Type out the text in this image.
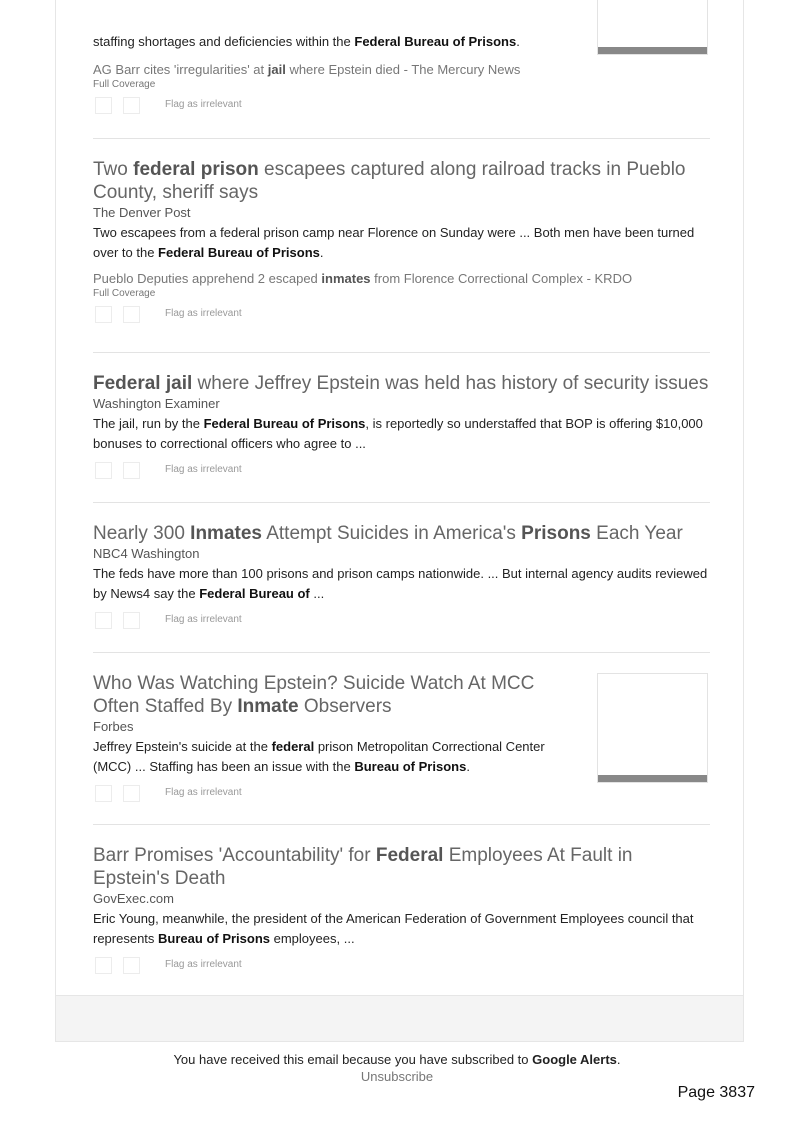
staffing shortages and deficiencies within the Federal Bureau of Prisons.
AG Barr cites 'irregularities' at jail where Epstein died - The Mercury News
Full Coverage
Flag as irrelevant
Two federal prison escapees captured along railroad tracks in Pueblo County, sheriff says
The Denver Post
Two escapees from a federal prison camp near Florence on Sunday were ... Both men have been turned over to the Federal Bureau of Prisons.
Pueblo Deputies apprehend 2 escaped inmates from Florence Correctional Complex - KRDO
Full Coverage
Flag as irrelevant
Federal jail where Jeffrey Epstein was held has history of security issues
Washington Examiner
The jail, run by the Federal Bureau of Prisons, is reportedly so understaffed that BOP is offering $10,000 bonuses to correctional officers who agree to ...
Flag as irrelevant
Nearly 300 Inmates Attempt Suicides in America's Prisons Each Year
NBC4 Washington
The feds have more than 100 prisons and prison camps nationwide. ... But internal agency audits reviewed by News4 say the Federal Bureau of ...
Flag as irrelevant
Who Was Watching Epstein? Suicide Watch At MCC Often Staffed By Inmate Observers
Forbes
Jeffrey Epstein's suicide at the federal prison Metropolitan Correctional Center (MCC) ... Staffing has been an issue with the Bureau of Prisons.
Flag as irrelevant
Barr Promises 'Accountability' for Federal Employees At Fault in Epstein's Death
GovExec.com
Eric Young, meanwhile, the president of the American Federation of Government Employees council that represents Bureau of Prisons employees, ...
Flag as irrelevant
You have received this email because you have subscribed to Google Alerts.
Unsubscribe
Page 3837
